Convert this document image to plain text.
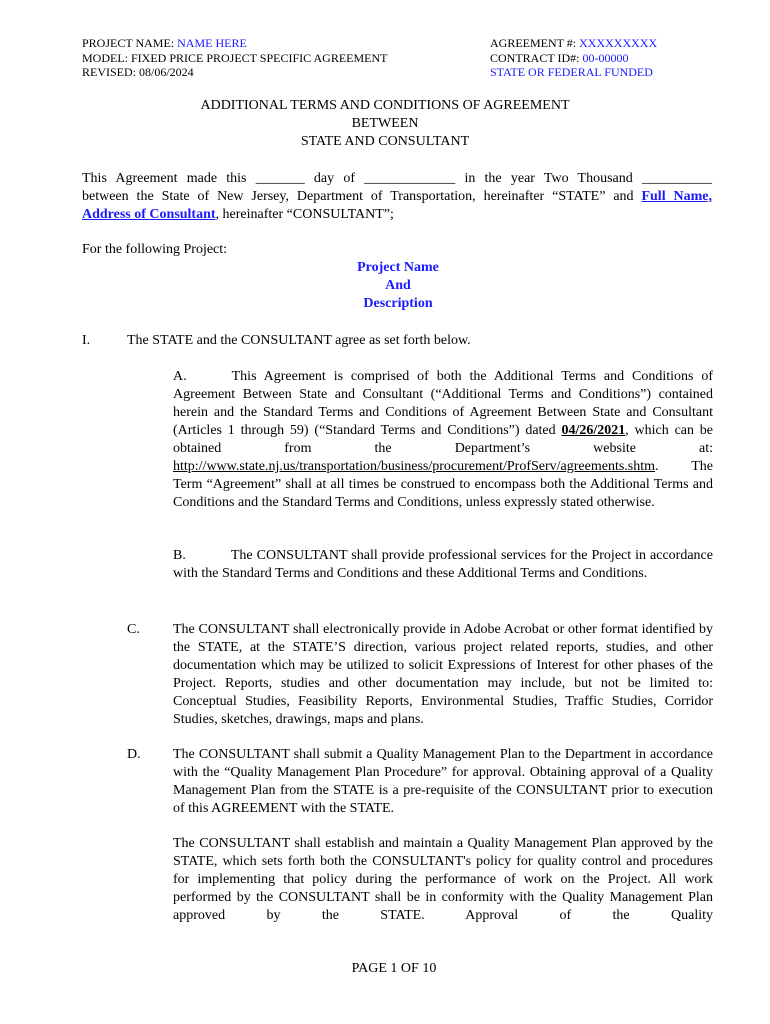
PROJECT NAME: NAME HERE
MODEL: FIXED PRICE PROJECT SPECIFIC AGREEMENT
REVISED: 08/06/2024
AGREEMENT #: XXXXXXXXX
CONTRACT ID#: 00-00000
STATE OR FEDERAL FUNDED
ADDITIONAL TERMS AND CONDITIONS OF AGREEMENT
BETWEEN
STATE AND CONSULTANT
This Agreement made this _______ day of _____________ in the year Two Thousand __________
between the State of New Jersey, Department of Transportation, hereinafter “STATE” and Full Name,
Address of Consultant, hereinafter “CONSULTANT”;
For the following Project:
Project Name
And
Description
I.	The STATE and the CONSULTANT agree as set forth below.
A.	This Agreement is comprised of both the Additional Terms and Conditions of Agreement Between State and Consultant (“Additional Terms and Conditions”) contained herein and the Standard Terms and Conditions of Agreement Between State and Consultant (Articles 1 through 59) (“Standard Terms and Conditions”) dated 04/26/2021, which can be obtained from the Department’s website at: http://www.state.nj.us/transportation/business/procurement/ProfServ/agreements.shtm. The Term “Agreement” shall at all times be construed to encompass both the Additional Terms and Conditions and the Standard Terms and Conditions, unless expressly stated otherwise.
B.	The CONSULTANT shall provide professional services for the Project in accordance with the Standard Terms and Conditions and these Additional Terms and Conditions.
C. The CONSULTANT shall electronically provide in Adobe Acrobat or other format identified by the STATE, at the STATE’S direction, various project related reports, studies, and other documentation which may be utilized to solicit Expressions of Interest for other phases of the Project. Reports, studies and other documentation may include, but not be limited to: Conceptual Studies, Feasibility Reports, Environmental Studies, Traffic Studies, Corridor Studies, sketches, drawings, maps and plans.
D. The CONSULTANT shall submit a Quality Management Plan to the Department in accordance with the “Quality Management Plan Procedure” for approval. Obtaining approval of a Quality Management Plan from the STATE is a pre-requisite of the CONSULTANT prior to execution of this AGREEMENT with the STATE.
The CONSULTANT shall establish and maintain a Quality Management Plan approved by the STATE, which sets forth both the CONSULTANT's policy for quality control and procedures for implementing that policy during the performance of work on the Project. All work performed by the CONSULTANT shall be in conformity with the Quality Management Plan approved by the STATE. Approval of the Quality
PAGE 1 OF 10
